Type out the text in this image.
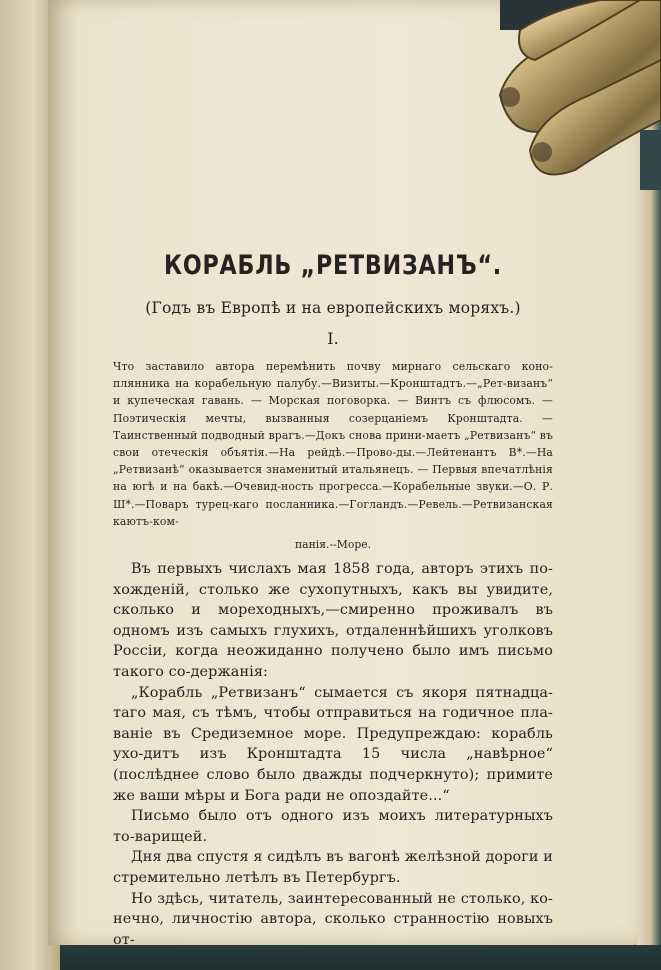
КОРАБЛЬ „РЕТВИЗАНЪ“.
(Годъ въ Европѣ и на европейскихъ моряхъ.)
I.
Что заставило автора перемѣнить почву мирнаго сельскаго коно-плянника на корабельную палубу.—Визиты.—Кронштадтъ.—„Рет-визанъ“ и купеческая гавань. — Морская поговорка. — Винтъ съ флюсомъ. — Поэтическія мечты, вызванныя созерцаніемъ Кронштадта. — Таинственный подводный врагъ.—Докъ снова прини-маетъ „Ретвизанъ“ въ свои отеческія объятія.—На рейдѣ.—Прово-ды.—Лейтенантъ В*.—На „Ретвизанѣ“ оказывается знаменитый итальянецъ. — Первыя впечатлѣнія на югѣ и на бакѣ.—Очевид-ность прогресса.—Корабельные звуки.—О. Р. Ш*.—Поваръ турец-каго посланника.—Гогландъ.—Ревель.—Ретвизанская каютъ-ком-
панія.--Море.

Въ первыхъ числахъ мая 1858 года, авторъ этихъ по-хожденій, столько же сухопутныхъ, какъ вы увидите, сколько и мореходныхъ,—смиренно проживалъ въ одномъ изъ самыхъ глухихъ, отдаленнѣйшихъ уголковъ Россіи, когда неожиданно получено было имъ письмо такого со-держанія:

„Корабль „Ретвизанъ“ сымается съ якоря пятнадца-таго мая, съ тѣмъ, чтобы отправиться на годичное пла-ваніе въ Средиземное море. Предупреждаю: корабль ухо-дитъ изъ Кронштадта 15 числа „навѣрное“ (послѣднее слово было дважды подчеркнуто); примите же ваши мѣры и Бога ради не опоздайте...“

Письмо было отъ одного изъ моихъ литературныхъ то-варищей.

Дня два спустя я сидѣлъ въ вагонѣ желѣзной дороги и стремительно летѣлъ въ Петербургъ.

Но здѣсь, читатель, заинтересованный не столько, ко-нечно, личностію автора, сколько странностію новыхъ от-
